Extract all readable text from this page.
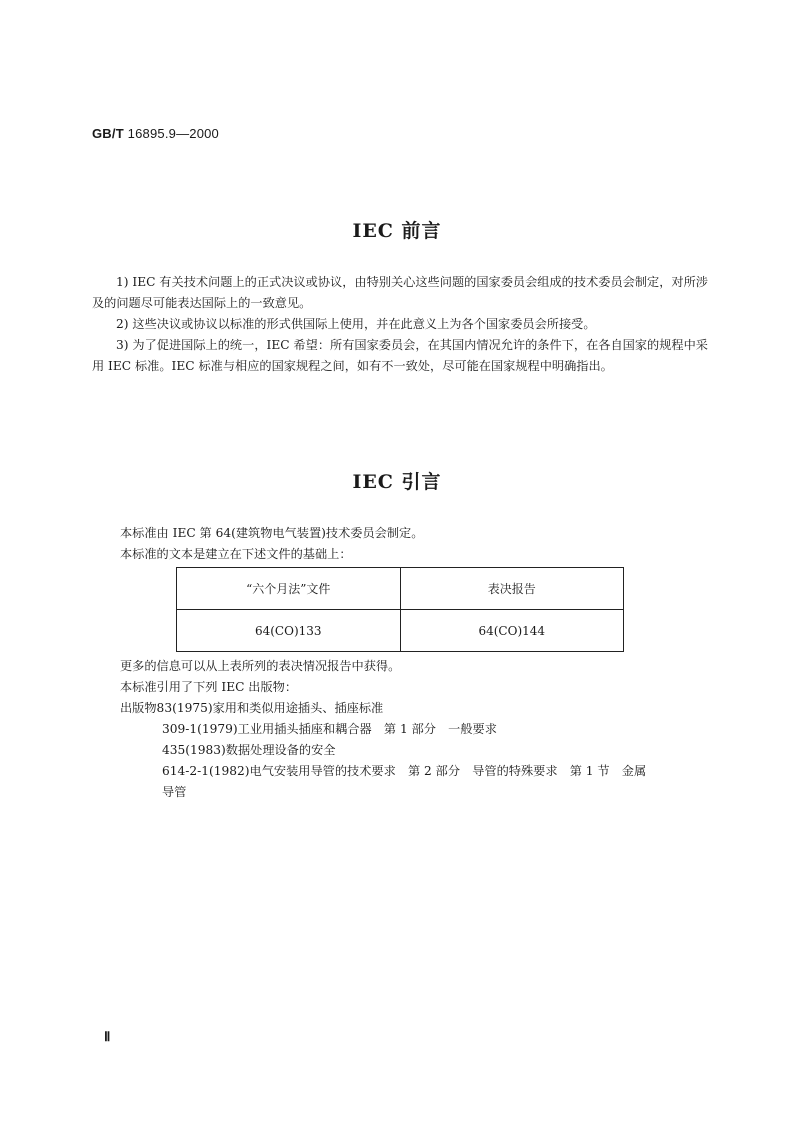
GB/T 16895.9—2000
IEC 前言

1) IEC 有关技术问题上的正式决议或协议，由特别关心这些问题的国家委员会组成的技术委员会制定，对所涉及的问题尽可能表达国际上的一致意见。

2) 这些决议或协议以标准的形式供国际上使用，并在此意义上为各个国家委员会所接受。

3) 为了促进国际上的统一，IEC 希望：所有国家委员会，在其国内情况允许的条件下，在各自国家的规程中采用 IEC 标准。IEC 标准与相应的国家规程之间，如有不一致处，尽可能在国家规程中明确指出。

IEC 引言

本标准由 IEC 第 64(建筑物电气装置)技术委员会制定。

本标准的文本是建立在下述文件的基础上：

“六个月法”文件	表决报告
64(CO)133	64(CO)144

更多的信息可以从上表所列的表决情况报告中获得。

本标准引用了下列 IEC 出版物：

出版物83(1975)家用和类似用途插头、插座标准

309-1(1979)工业用插头插座和耦合器　第 1 部分　一般要求

435(1983)数据处理设备的安全

614-2-1(1982)电气安装用导管的技术要求　第 2 部分　导管的特殊要求　第 1 节　金属

导管

Ⅱ
